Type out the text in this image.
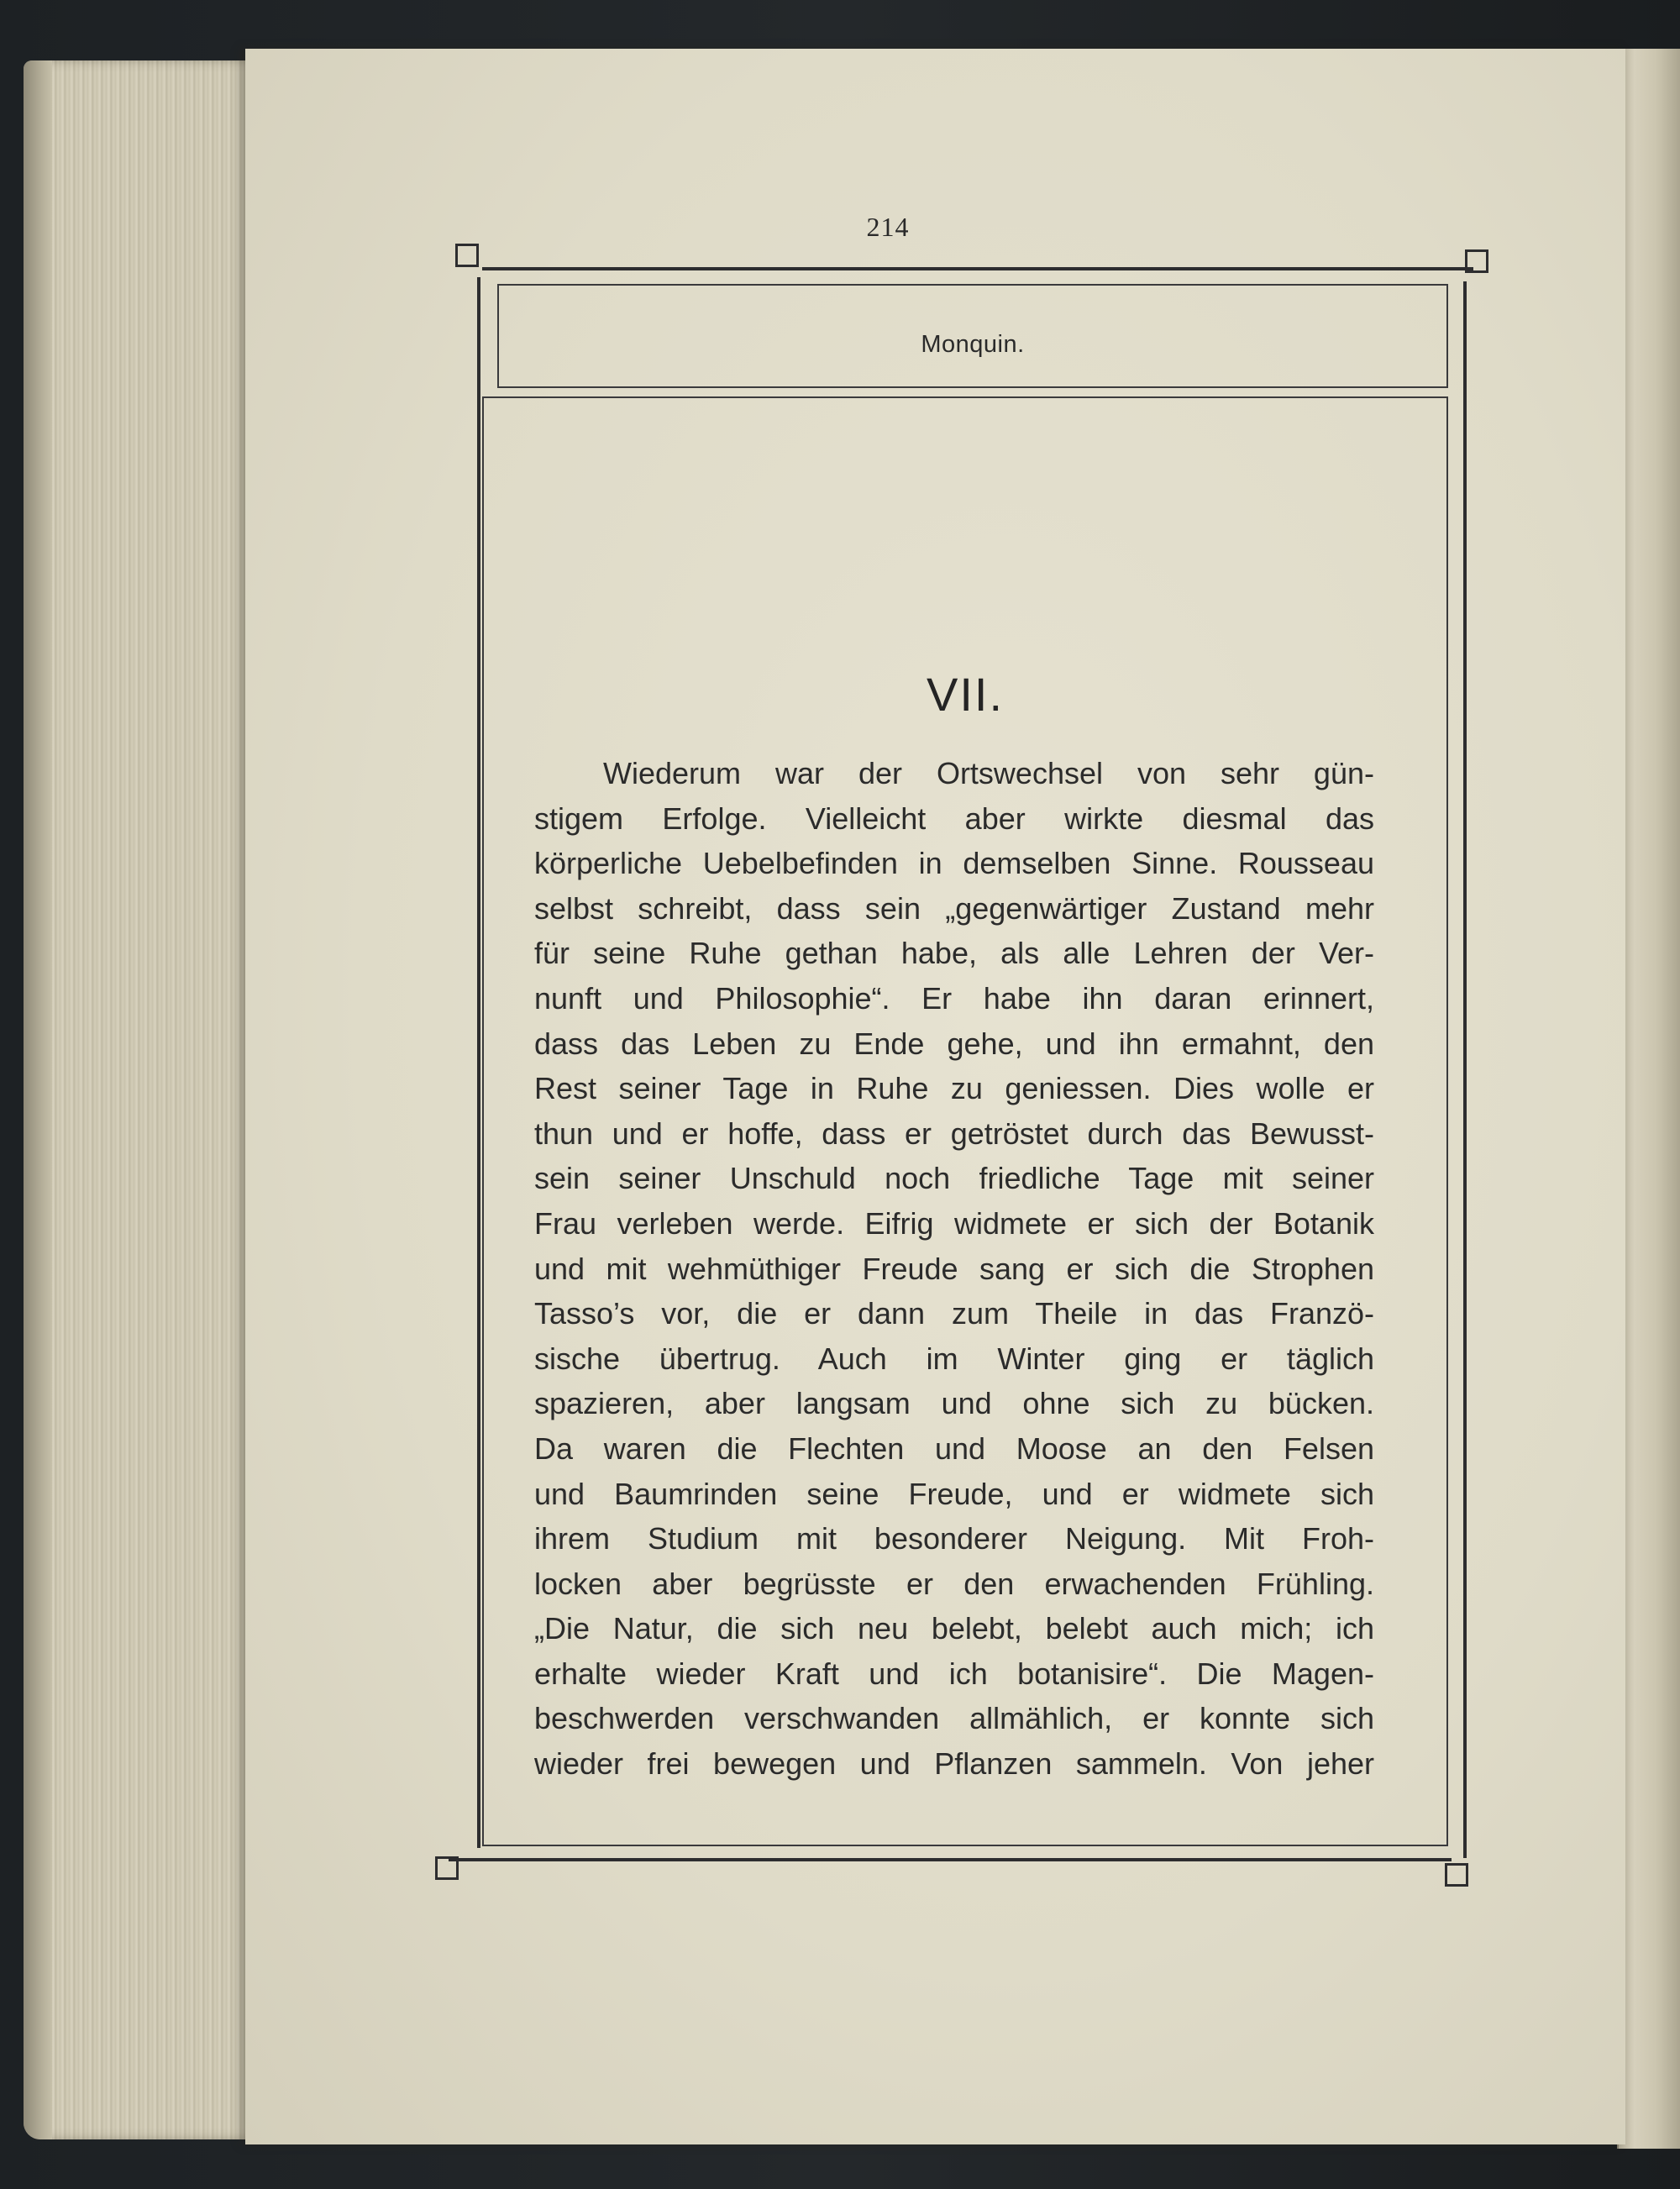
214
Monquin.
VII.
Wiederum war der Ortswechsel von sehr gün-
stigem Erfolge. Vielleicht aber wirkte diesmal das
körperliche Uebelbefinden in demselben Sinne. Rousseau
selbst schreibt, dass sein „gegenwärtiger Zustand mehr
für seine Ruhe gethan habe, als alle Lehren der Ver-
nunft und Philosophie“. Er habe ihn daran erinnert,
dass das Leben zu Ende gehe, und ihn ermahnt, den
Rest seiner Tage in Ruhe zu geniessen. Dies wolle er
thun und er hoffe, dass er getröstet durch das Bewusst-
sein seiner Unschuld noch friedliche Tage mit seiner
Frau verleben werde. Eifrig widmete er sich der Botanik
und mit wehmüthiger Freude sang er sich die Strophen
Tasso’s vor, die er dann zum Theile in das Franzö-
sische übertrug. Auch im Winter ging er täglich
spazieren, aber langsam und ohne sich zu bücken.
Da waren die Flechten und Moose an den Felsen
und Baumrinden seine Freude, und er widmete sich
ihrem Studium mit besonderer Neigung. Mit Froh-
locken aber begrüsste er den erwachenden Frühling.
„Die Natur, die sich neu belebt, belebt auch mich; ich
erhalte wieder Kraft und ich botanisire“. Die Magen-
beschwerden verschwanden allmählich, er konnte sich
wieder frei bewegen und Pflanzen sammeln. Von jeher
